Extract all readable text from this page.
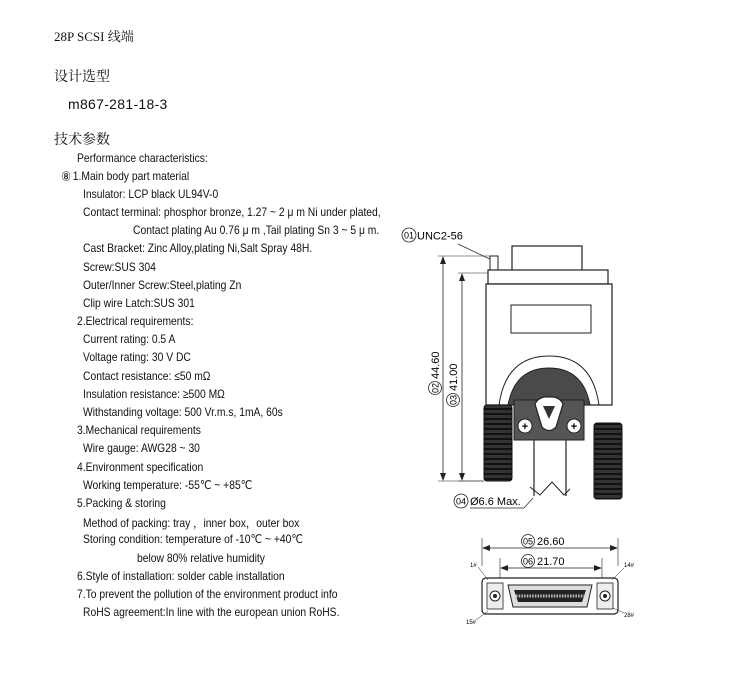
28P SCSI 线端
设计选型
m867-281-18-3
技术参数
Performance characteristics:
⑧ 1.Main body part material
Insulator: LCP black UL94V-0
Contact terminal: phosphor bronze, 1.27 ~ 2 μ m Ni under plated,
Contact plating Au 0.76 μ m ,Tail plating Sn 3 ~ 5 μ m.
Cast Bracket: Zinc Alloy,plating Ni,Salt Spray 48H.
Screw:SUS 304
Outer/Inner Screw:Steel,plating Zn
Clip wire Latch:SUS 301
2.Electrical requirements:
Current rating: 0.5 A
Voltage rating: 30 V DC
Contact resistance: ≤50 mΩ
Insulation resistance: ≥500 MΩ
Withstanding voltage: 500 Vr.m.s, 1mA, 60s
3.Mechanical requirements
Wire gauge: AWG28 ~ 30
4.Environment specification
Working temperature: -55℃ ~ +85℃
5.Packing & storing
Method of packing: tray ，inner box，outer box
Storing condition: temperature of -10℃ ~ +40℃
below 80% relative humidity
6.Style of installation: solder cable installation
7.To prevent the pollution of the environment product info
RoHS agreement:In line with the european union RoHS.
01 UNC2-56
+	+
02
44.60
03
41.00
04 Ø6.6 Max.
05 26.60
06 21.70
1#	14#
15#
28#
